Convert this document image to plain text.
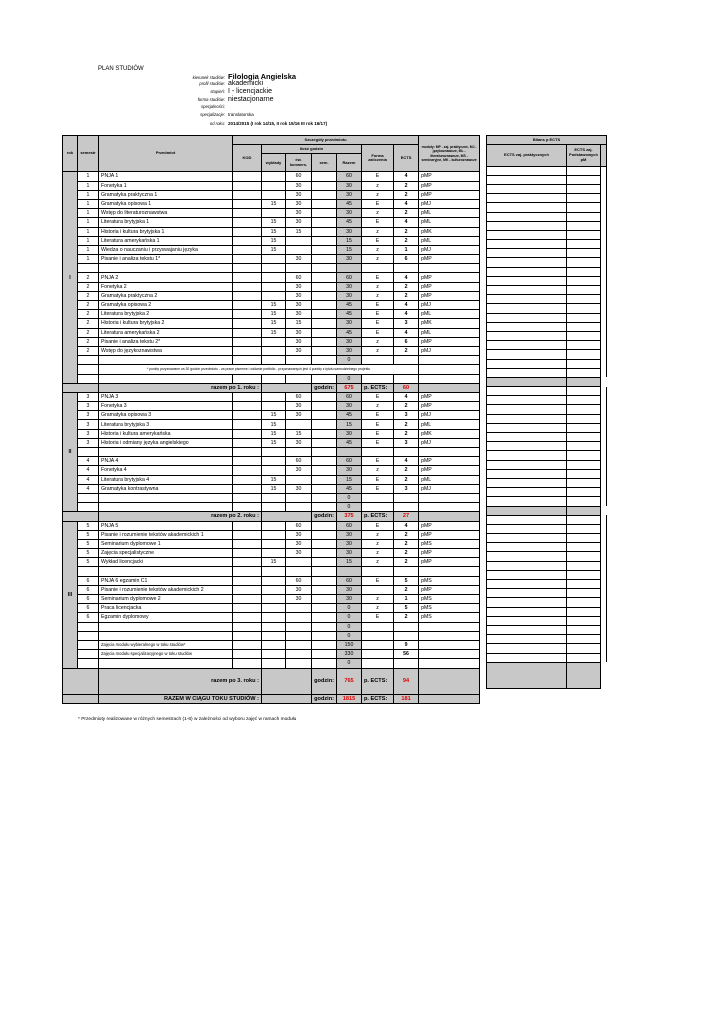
PLAN STUDIÓW
kierunek studiów: Filologia Angielska
profil studiów: akademicki
stopień: I - licencjackie
forma studiów: niestacjonarne
specjalności:
specjalizacje: translatorska
od roku: 2014/2015 (I rok 14/15, II rok 15/16 III rok 16/17)
rok	semestr	Przedmiot	Szczegóły przedmiotu							moduły: MP - zaj. praktyczne, MJ - językoznawcze, ML - literaturoznawcze, MS - seminaryjne, MK - kulturoznawcze
			KOD	Ilość godzin				Forma zaliczenia	ECTS	
				wykłady	ćw. konwers.	sem.	Razem			
I	1	PNJA 1			60		60	E	4	pMP
	1	Fonetyka 1			30		30	z	2	pMP
	1	Gramatyka praktyczna 1			30		30	z	2	pMP
	1	Gramatyka opisowa 1		15	30		45	E	4	pMJ
	1	Wstęp do literaturoznawstwa			30		30	z	2	pML
	1	Literatura brytyjska 1		15	30		45	E	4	pML
	1	Historia i kultura brytyjska 1		15	15		30	z	2	pMK
	1	Literatura amerykańska 1		15			15	E	2	pML
	1	Wiedza o nauczaniu i przyswajaniu języka		15			15	z	1	pMJ
	1	Pisanie i analiza tekstu 1*			30		30	z	6	pMP

	2	PNJA 2			60		60	E	4	pMP
	2	Fonetyka 2			30		30	z	2	pMP
	2	Gramatyka praktyczna 2			30		30	z	2	pMP
	2	Gramatyka opisowa 2		15	30		45	E	4	pMJ
	2	Literatura brytyjska 2		15	30		45	E	4	pML
	2	Historia i kultura brytyjska 2		15	15		30	E	3	pMK
	2	Literatura amerykańska 2		15	30		45	E	4	pML
	2	Pisanie i analiza tekstu 2*			30		30	z	6	pMP
	2	Wstęp do językoznawstwa			30		30	z	2	pMJ
							0			
		* punkty przyznawane za 30 godzin przedmiotu - za prace pisemne i oddanie portfolio - przyznawanych jest 4 punkty z tytułu samodzielnego projektu								
							0			
		razem po 1. roku :				godzin:	675	p. ECTS:	60	
II	3	PNJA 3			60		60	E	4	pMP
	3	Fonetyka 3			30		30	z	2	pMP
	3	Gramatyka opisowa 3		15	30		45	E	3	pMJ
	3	Literatura brytyjska 3		15			15	E	2	pML
	3	Historia i kultura amerykańska		15	15		30	E	2	pMK
	3	Historia i odmiany języka angielskiego		15	30		45	E	3	pMJ

	4	PNJA 4			60		60	E	4	pMP
	4	Fonetyka 4			30		30	z	2	pMP
	4	Literatura brytyjska 4		15			15	E	2	pML
	4	Gramatyka kontrastywna		15	30		45	E	3	pMJ
							0			
							0			
		razem po 2. roku :				godzin:	375	p. ECTS:	27	
III	5	PNJA 5			60		60	E	4	pMP
	5	Pisanie i rozumienie tekstów akademickich 1			30		30	z	2	pMP
	5	Seminarium dyplomowe 1			30		30	z	2	pMS
	5	Zajęcia specjalistyczne			30		30	z	2	pMP
	5	Wykład licencjacki		15			15	z	2	pMP

	6	PNJA 6 egzamin C1			60		60	E	5	pMS
	6	Pisanie i rozumienie tekstów akademickich 2			30		30		2	pMP
	6	Seminarium dyplomowe 2			30		30	z	1	pMS
	6	Praca licencjacka					0	z	5	pMS
	6	Egzamin dyplomowy					0	E	2	pMS
							0			
							0			
		Zajęcia modułu wybieralnego w toku studiów*					150		9	
		Zajęcia modułu specjalizacyjnego w toku studiów					330		56	
							0			
		razem po 3. roku :				godzin:	765	p. ECTS:	94	
		RAZEM W CIĄGU TOKU STUDIÓW :				godzin:	1815	p. ECTS:	181	
Bilans p ECTS		
ECTS zaj. praktycznych	ECTS zaj. Podstawowych pM	

* Przedmioty realizowane w różnych semestrach (1-6) w zależności od wyboru zajęć w ramach modułu
